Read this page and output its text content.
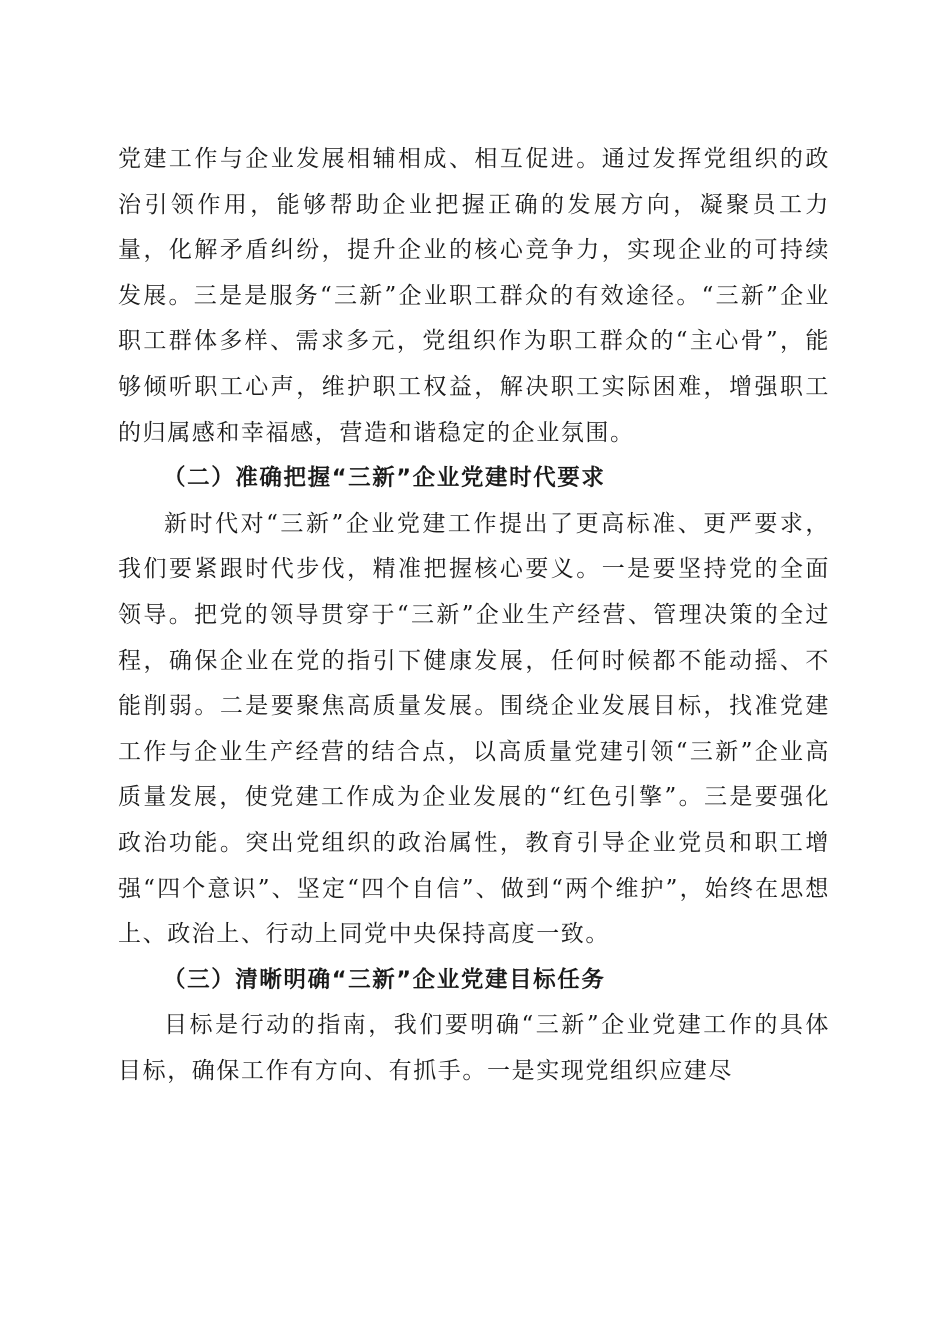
党建工作与企业发展相辅相成、相互促进。通过发挥党组织的政治引领作用，能够帮助企业把握正确的发展方向，凝聚员工力量，化解矛盾纠纷，提升企业的核心竞争力，实现企业的可持续发展。三是是服务“三新”企业职工群众的有效途径。“三新”企业职工群体多样、需求多元，党组织作为职工群众的“主心骨”，能够倾听职工心声，维护职工权益，解决职工实际困难，增强职工的归属感和幸福感，营造和谐稳定的企业氛围。

（二）准确把握“三新”企业党建时代要求

新时代对“三新”企业党建工作提出了更高标准、更严要求，我们要紧跟时代步伐，精准把握核心要义。一是要坚持党的全面领导。把党的领导贯穿于“三新”企业生产经营、管理决策的全过程，确保企业在党的指引下健康发展，任何时候都不能动摇、不能削弱。二是要聚焦高质量发展。围绕企业发展目标，找准党建工作与企业生产经营的结合点，以高质量党建引领“三新”企业高质量发展，使党建工作成为企业发展的“红色引擎”。三是要强化政治功能。突出党组织的政治属性，教育引导企业党员和职工增强“四个意识”、坚定“四个自信”、做到“两个维护”，始终在思想上、政治上、行动上同党中央保持高度一致。

（三）清晰明确“三新”企业党建目标任务

目标是行动的指南，我们要明确“三新”企业党建工作的具体目标，确保工作有方向、有抓手。一是实现党组织应建尽
